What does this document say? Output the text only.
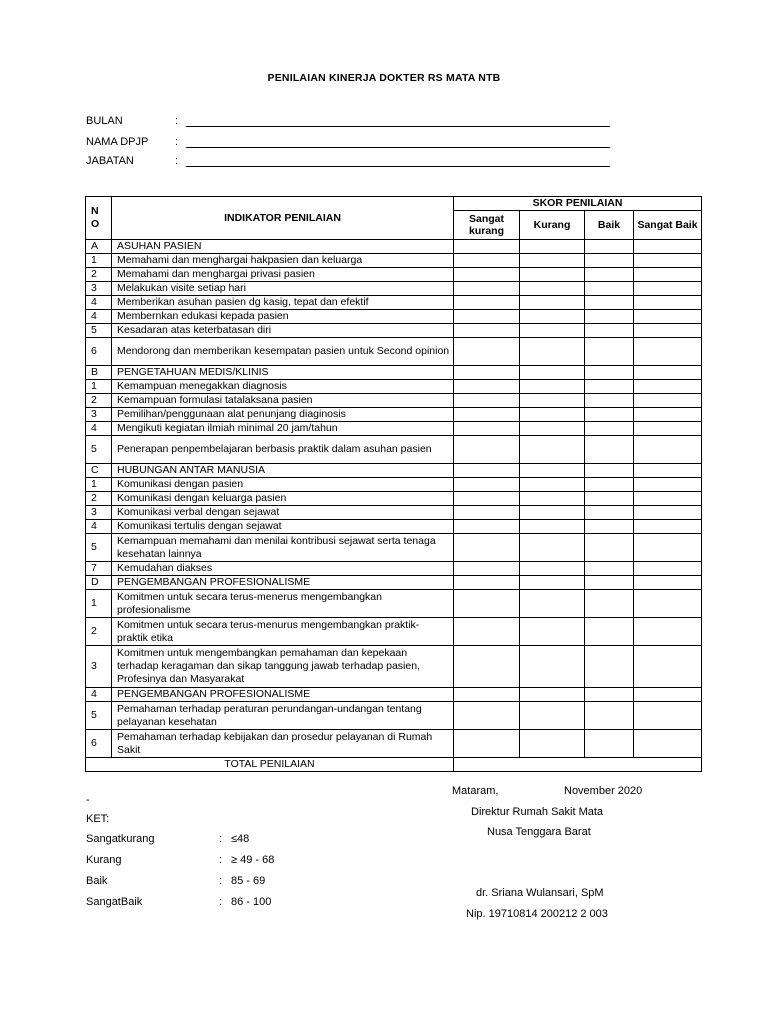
PENILAIAN KINERJA DOKTER RS MATA NTB
BULAN	:
NAMA DPJP :
JABATAN	:
N
O	INDIKATOR PENILAIAN	SKOR PENILAIAN			
		Sangat kurang	Kurang	Baik	Sangat Baik
A	ASUHAN PASIEN				
1	Memahami dan menghargai hakpasien dan keluarga				
2	Memahami dan menghargai privasi pasien				
3	Melakukan visite setiap hari				
4	Memberikan asuhan pasien dg kasig, tepat dan efektif				
4	Membernkan edukasi kepada pasien				
5	Kesadaran atas keterbatasan diri				
6	Mendorong dan memberikan kesempatan pasien untuk Second opinion				
B	PENGETAHUAN MEDIS/KLINIS				
1	Kemampuan menegakkan diagnosis				
2	Kemampuan formulasi tatalaksana pasien				
3	Pemilihan/penggunaan alat penunjang diaginosis				
4	Mengikuti kegiatan ilmiah minimal 20 jam/tahun				
5	Penerapan penpembelajaran berbasis praktik dalam asuhan pasien				
C	HUBUNGAN ANTAR MANUSIA				
1	Komunikasi dengan pasien				
2	Komunikasi dengan keluarga pasien				
3	Komunikasi verbal dengan sejawat				
4	Komunikasi tertulis dengan sejawat				
5	Kemampuan memahami dan menilai kontribusi sejawat serta tenaga kesehatan lainnya				
7	Kemudahan diakses				
D	PENGEMBANGAN PROFESIONALISME				
1	Komitmen untuk secara terus-menerus mengembangkan profesionalisme				
2	Komitmen untuk secara terus-menurus mengembangkan praktik- praktik etika				
3	Komitmen untuk mengembangkan pemahaman dan kepekaan terhadap keragaman dan sikap tanggung jawab terhadap pasien, Profesinya dan Masyarakat				
4	PENGEMBANGAN PROFESIONALISME				
5	Pemahaman terhadap peraturan perundangan-undangan tentang pelayanan kesehatan				
6	Pemahaman terhadap kebijakan dan prosedur pelayanan di Rumah Sakit				
TOTAL PENILAIAN					
Mataram,	November 2020
Direktur Rumah Sakit Mata
Nusa Tenggara Barat
dr. Sriana Wulansari, SpM
Nip. 19710814 200212 2 003
-
KET:
Sangatkurang	: ≤48
Kurang	: ≥ 49 - 68
Baik	: 85 - 69
SangatBaik	: 86 - 100
